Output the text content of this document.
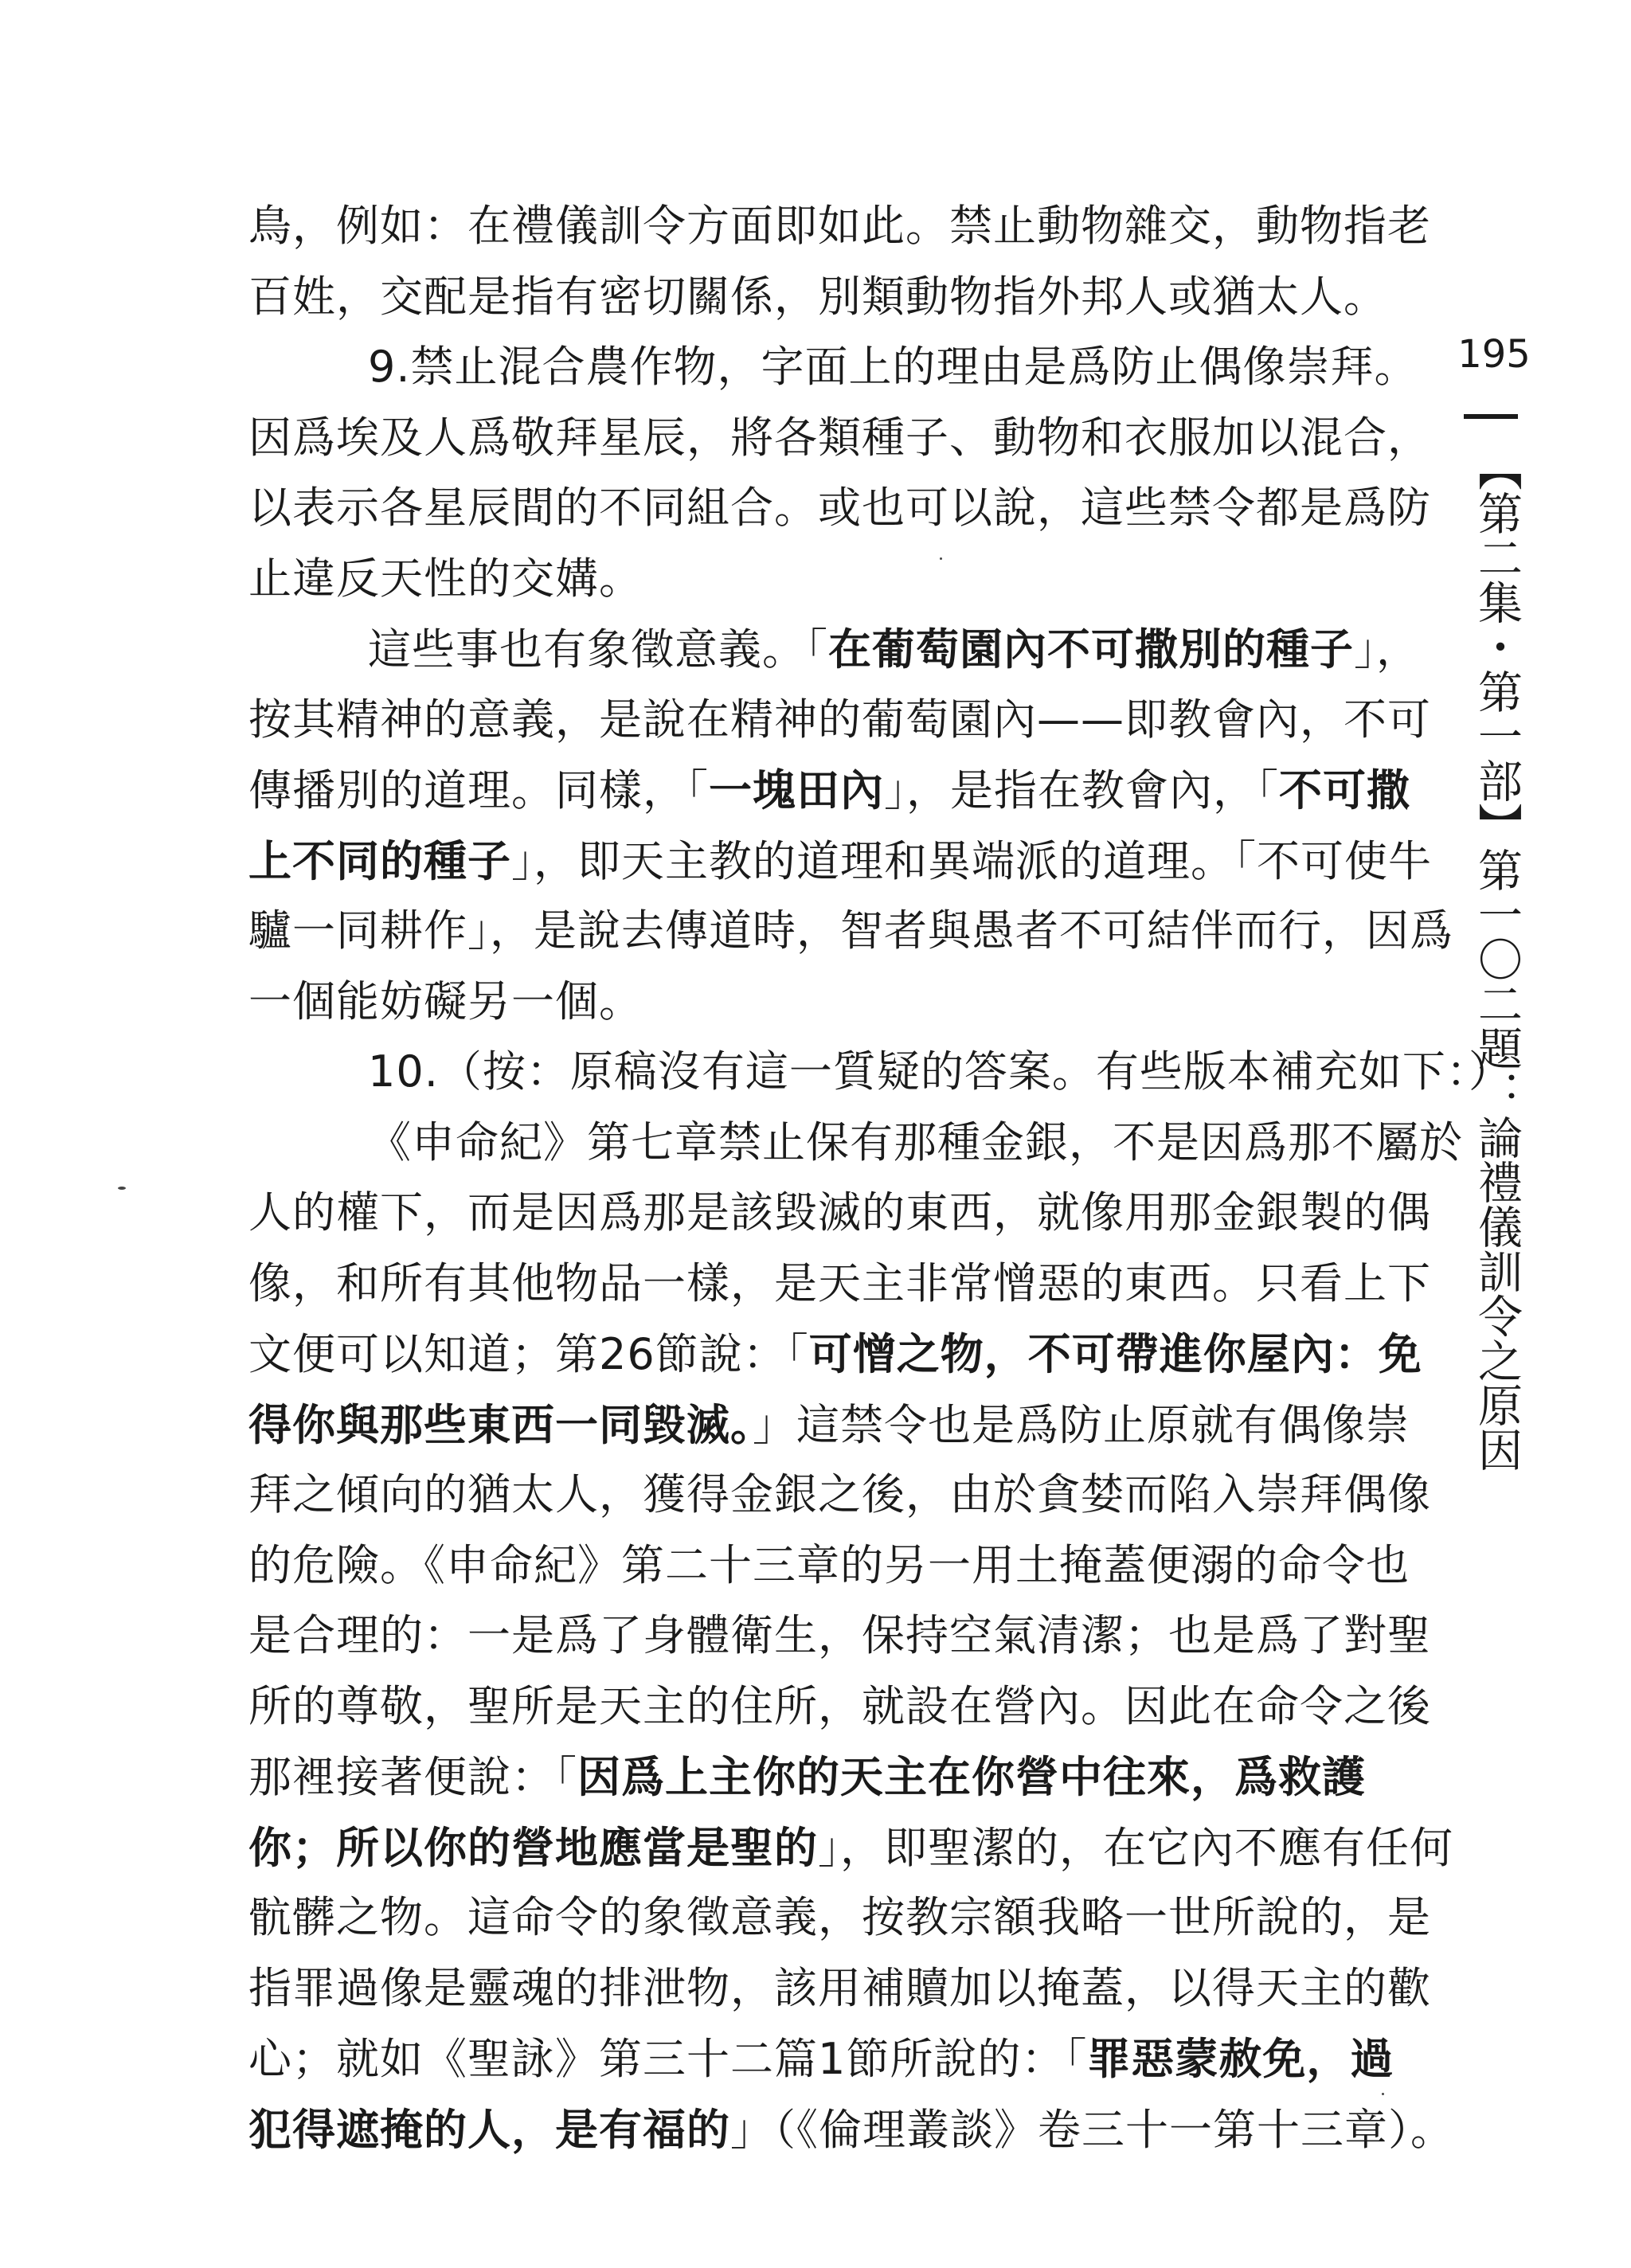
鳥，例如：在禮儀訓令方面即如此。禁止動物雜交，動物指老
百姓，交配是指有密切關係，別類動物指外邦人或猶太人。
9.禁止混合農作物，字面上的理由是爲防止偶像崇拜。
因爲埃及人爲敬拜星辰，將各類種子、動物和衣服加以混合，
以表示各星辰間的不同組合。或也可以說，這些禁令都是爲防
止違反天性的交媾。
這些事也有象徵意義。「在葡萄園內不可撒別的種子」，
按其精神的意義，是說在精神的葡萄園內——即教會內，不可
傳播別的道理。同樣，「一塊田內」，是指在教會內，「不可撒
上不同的種子」，即天主教的道理和異端派的道理。「不可使牛
驢一同耕作」，是說去傳道時，智者與愚者不可結伴而行，因爲
一個能妨礙另一個。
10.（按：原稿沒有這一質疑的答案。有些版本補充如下：）
《申命紀》第七章禁止保有那種金銀，不是因爲那不屬於
人的權下，而是因爲那是該毀滅的東西，就像用那金銀製的偶
像，和所有其他物品一樣，是天主非常憎惡的東西。只看上下
文便可以知道；第26節說：「可憎之物，不可帶進你屋內：免
得你與那些東西一同毀滅。」這禁令也是爲防止原就有偶像崇
拜之傾向的猶太人，獲得金銀之後，由於貪婪而陷入崇拜偶像
的危險。《申命紀》第二十三章的另一用土掩蓋便溺的命令也
是合理的：一是爲了身體衛生，保持空氣清潔；也是爲了對聖
所的尊敬，聖所是天主的住所，就設在營內。因此在命令之後
那裡接著便說：「因爲上主你的天主在你營中往來，爲救護
你；所以你的營地應當是聖的」，即聖潔的，在它內不應有任何
骯髒之物。這命令的象徵意義，按教宗額我略一世所說的，是
指罪過像是靈魂的排泄物，該用補贖加以掩蓋，以得天主的歡
心；就如《聖詠》第三十二篇1節所說的：「罪惡蒙赦免，過
犯得遮掩的人，是有福的」（《倫理叢談》卷三十一第十三章）。
195
【第二集・第一部】第一〇二題：論禮儀訓令之原因
